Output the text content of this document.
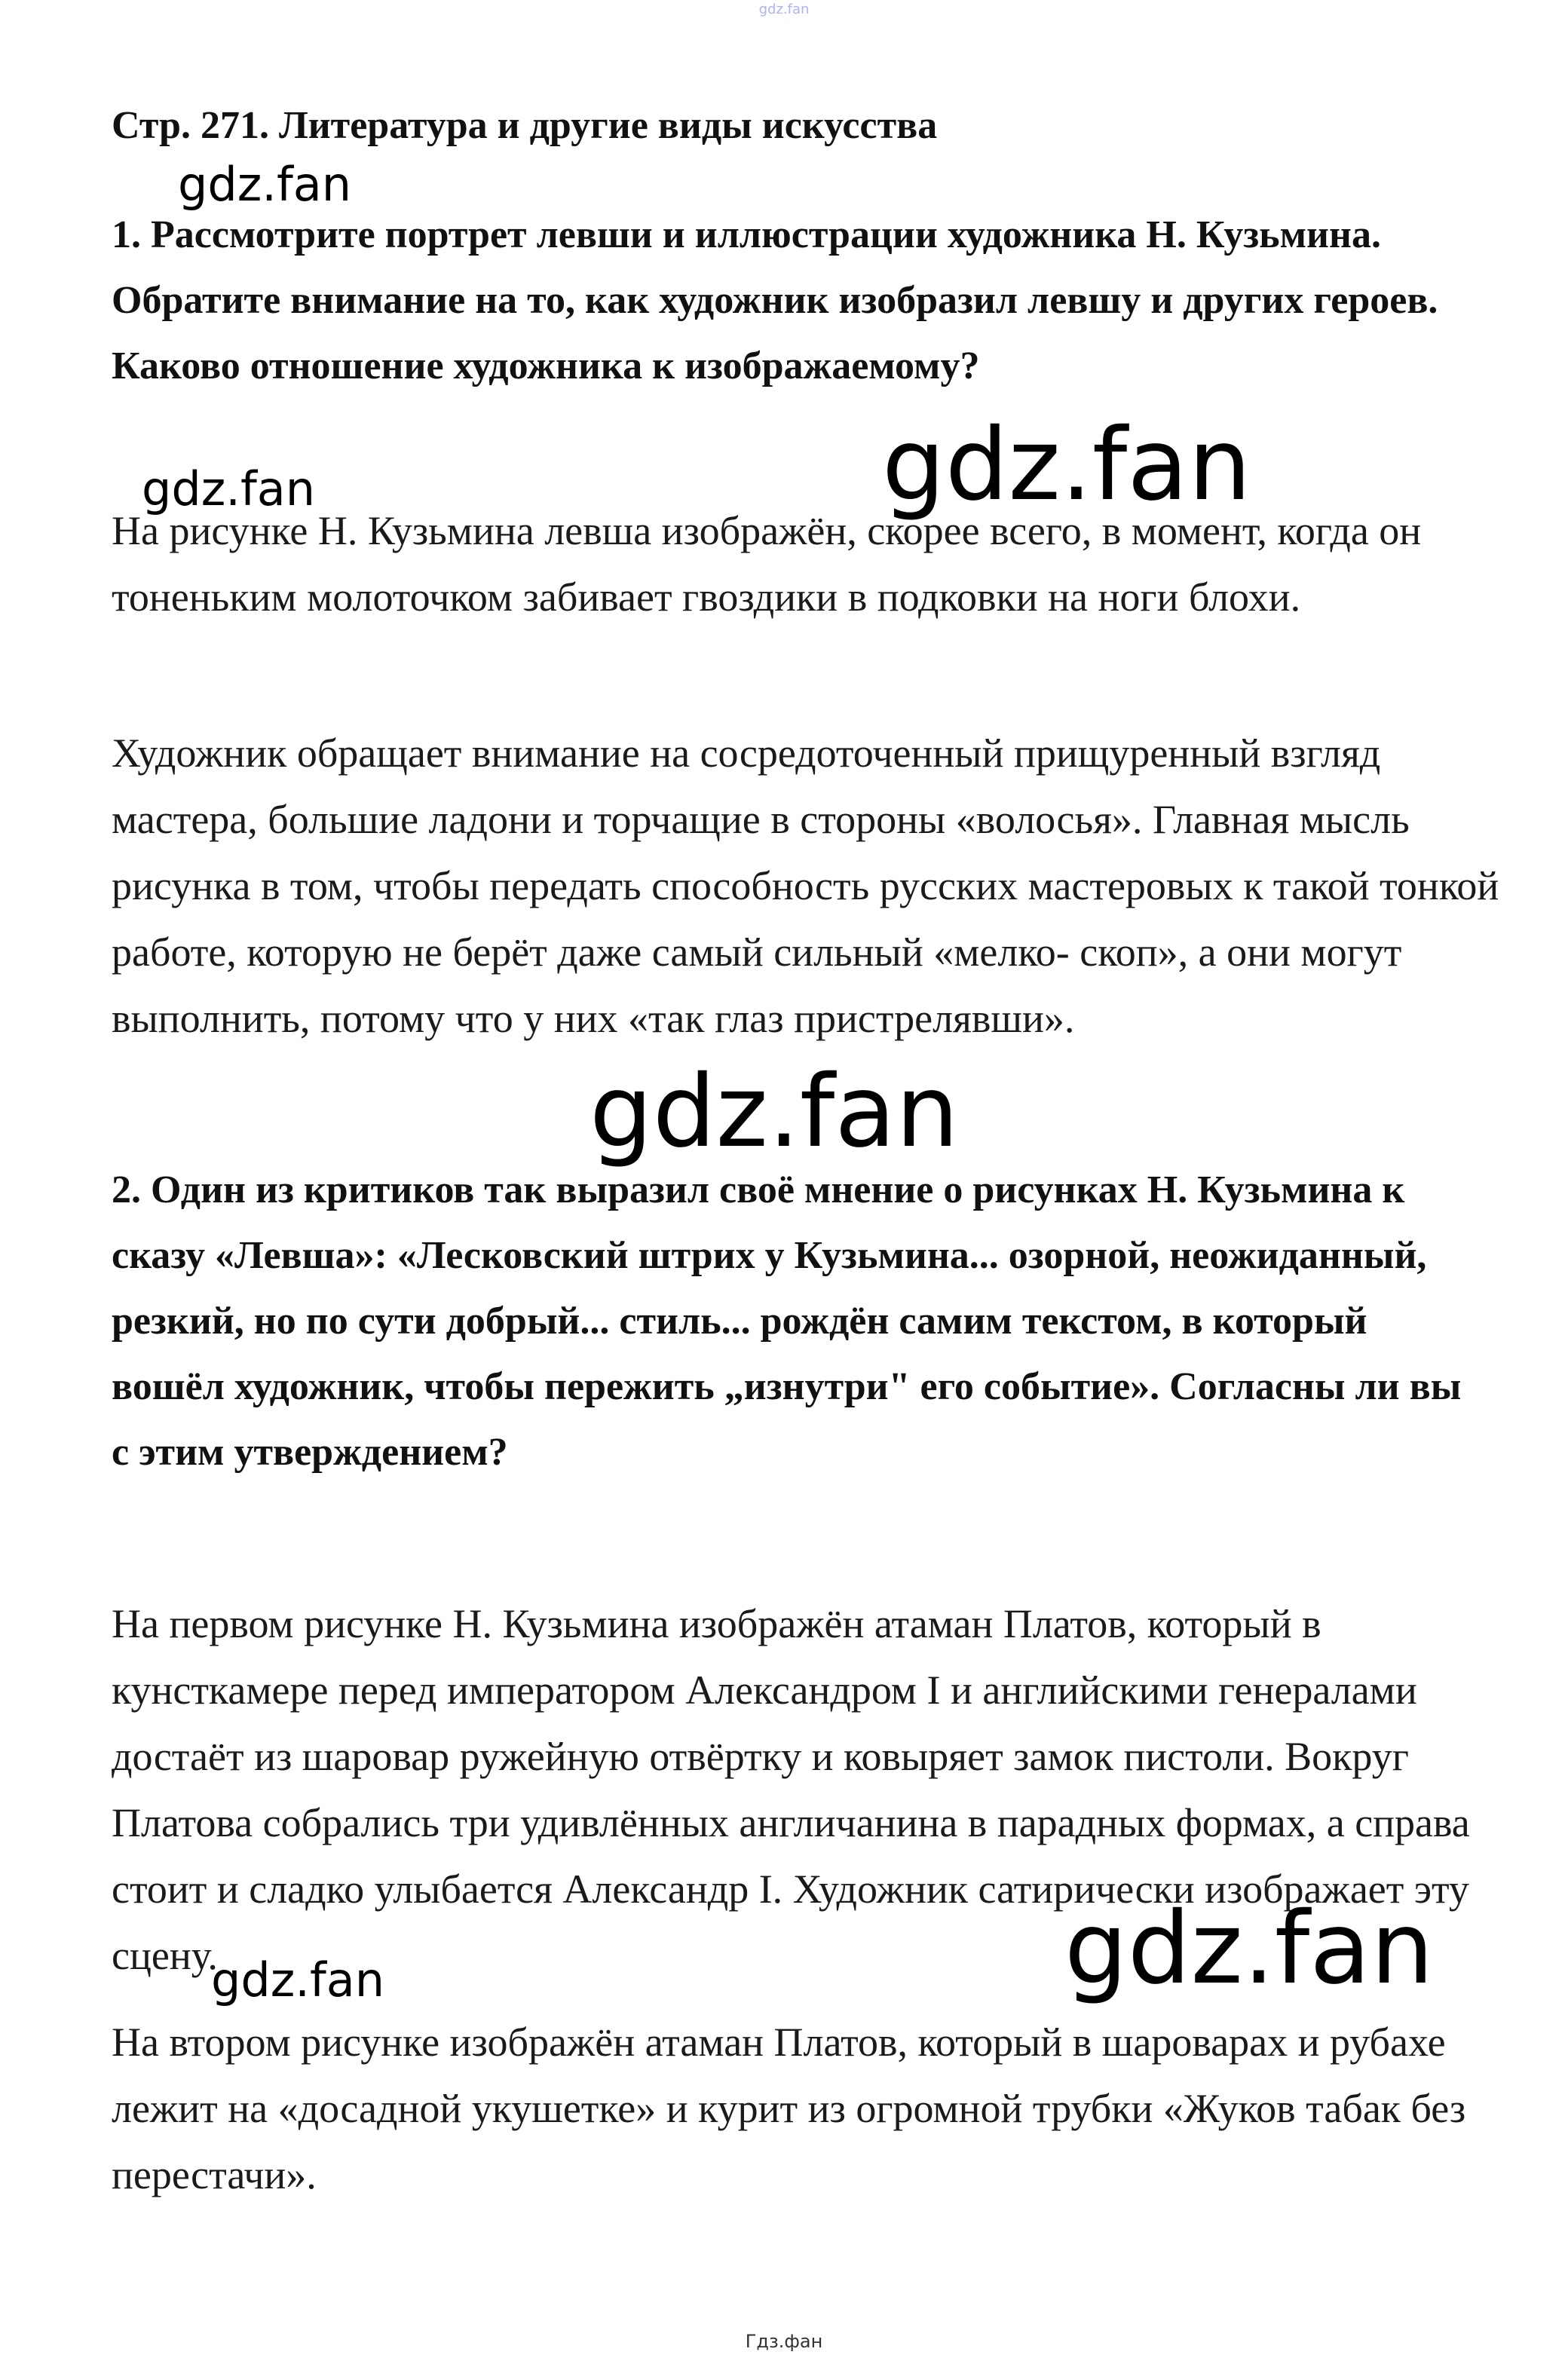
gdz.fan
Стр. 271. Литература и другие виды искусства
1. Рассмотрите портрет левши и иллюстрации художника Н. Кузьмина. Обратите внимание на то, как художник изобразил левшу и других героев. Каково отношение художника к изображаемому?
На рисунке Н. Кузьмина левша изображён, скорее всего, в момент, когда он тоненьким молоточком забивает гвоздики в подковки на ноги блохи.
Художник обращает внимание на сосредоточенный прищуренный взгляд мастера, большие ладони и торчащие в стороны «волосья». Главная мысль рисунка в том, чтобы передать способность русских мастеровых к такой тонкой работе, которую не берёт даже самый сильный «мелко- скоп», а они могут выполнить, потому что у них «так глаз пристрелявши».
2. Один из критиков так выразил своё мнение о рисунках Н. Кузьмина к сказу «Левша»: «Лесковский штрих у Кузьмина... озорной, неожиданный, резкий, но по сути добрый... стиль... рождён самим текстом, в который вошёл художник, чтобы пережить „изнутри" его событие». Согласны ли вы с этим утверждением?
На первом рисунке Н. Кузьмина изображён атаман Платов, который в кунсткамере перед императором Александром I и английскими генералами достаёт из шаровар ружейную отвёртку и ковыряет замок пистоли. Вокруг Платова собрались три удивлённых англичанина в парадных формах, а справа стоит и сладко улыбается Александр I. Художник сатирически изображает эту сцену.
На втором рисунке изображён атаман Платов, который в шароварах и рубахе лежит на «досадной укушетке» и курит из огромной трубки «Жуков табак без перестачи».
gdz.fan
gdz.fan
gdz.fan
gdz.fan
gdz.fan
gdz.fan
Гдз.фан
